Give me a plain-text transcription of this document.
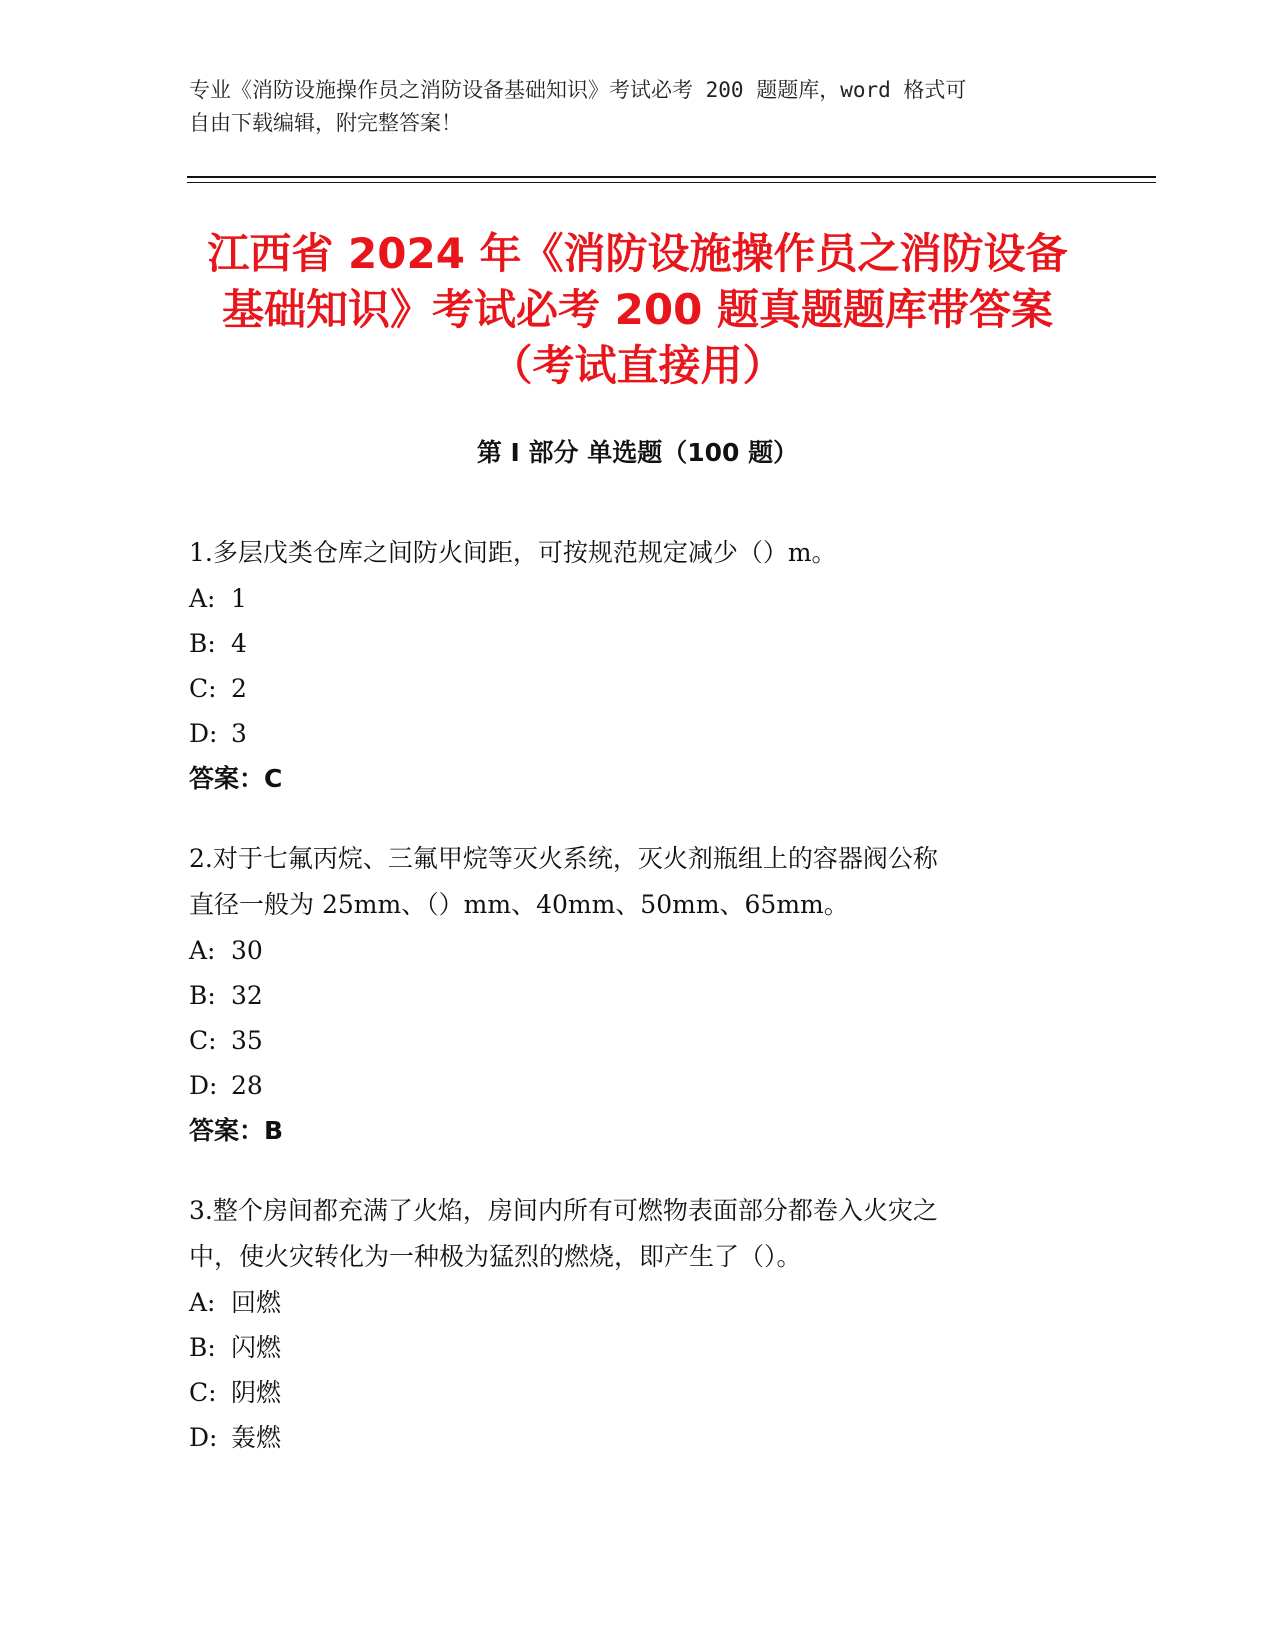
专业《消防设施操作员之消防设备基础知识》考试必考 200 题题库，word 格式可
自由下载编辑，附完整答案！
江西省 2024 年《消防设施操作员之消防设备
基础知识》考试必考 200 题真题题库带答案
（考试直接用）
第 I 部分 单选题（100 题）

1.多层戊类仓库之间防火间距，可按规范规定减少（）m。

A: 1

B: 4

C: 2

D: 3

答案：C

2.对于七氟丙烷、三氟甲烷等灭火系统，灭火剂瓶组上的容器阀公称

直径一般为 25mm、（）mm、40mm、50mm、65mm。

A: 30

B: 32

C: 35

D: 28

答案：B

3.整个房间都充满了火焰，房间内所有可燃物表面部分都卷入火灾之

中，使火灾转化为一种极为猛烈的燃烧，即产生了（）。

A: 回燃

B: 闪燃

C: 阴燃

D: 轰燃
